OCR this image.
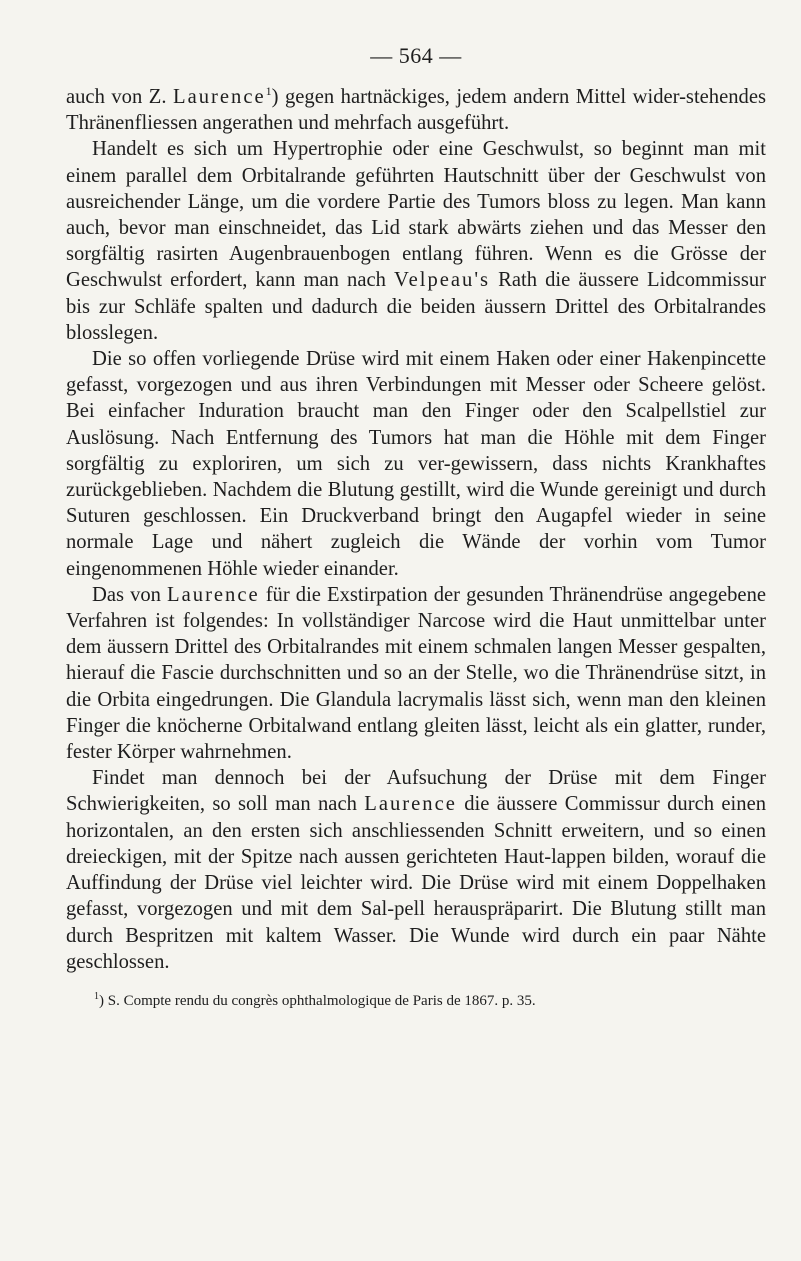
— 564 —

auch von Z. Laurence$^1$) gegen hartnäckiges, jedem andern Mittel wider-stehendes Thränenfliessen angerathen und mehrfach ausgeführt.

Handelt es sich um Hypertrophie oder eine Geschwulst, so beginnt man mit einem parallel dem Orbitalrande geführten Hautschnitt über der Geschwulst von ausreichender Länge, um die vordere Partie des Tumors bloss zu legen. Man kann auch, bevor man einschneidet, das Lid stark abwärts ziehen und das Messer den sorgfältig rasirten Augenbrauenbogen entlang führen. Wenn es die Grösse der Geschwulst erfordert, kann man nach Velpeau's Rath die äussere Lidcommissur bis zur Schläfe spalten und dadurch die beiden äussern Drittel des Orbitalrandes blosslegen.

Die so offen vorliegende Drüse wird mit einem Haken oder einer Hakenpincette gefasst, vorgezogen und aus ihren Verbindungen mit Messer oder Scheere gelöst. Bei einfacher Induration braucht man den Finger oder den Scalpellstiel zur Auslösung. Nach Entfernung des Tumors hat man die Höhle mit dem Finger sorgfältig zu exploriren, um sich zu ver-gewissern, dass nichts Krankhaftes zurückgeblieben. Nachdem die Blutung gestillt, wird die Wunde gereinigt und durch Suturen geschlossen. Ein Druckverband bringt den Augapfel wieder in seine normale Lage und nähert zugleich die Wände der vorhin vom Tumor eingenommenen Höhle wieder einander.

Das von Laurence für die Exstirpation der gesunden Thränendrüse angegebene Verfahren ist folgendes: In vollständiger Narcose wird die Haut unmittelbar unter dem äussern Drittel des Orbitalrandes mit einem schmalen langen Messer gespalten, hierauf die Fascie durchschnitten und so an der Stelle, wo die Thränendrüse sitzt, in die Orbita eingedrungen. Die Glandula lacrymalis lässt sich, wenn man den kleinen Finger die knöcherne Orbitalwand entlang gleiten lässt, leicht als ein glatter, runder, fester Körper wahrnehmen.

Findet man dennoch bei der Aufsuchung der Drüse mit dem Finger Schwierigkeiten, so soll man nach Laurence die äussere Commissur durch einen horizontalen, an den ersten sich anschliessenden Schnitt erweitern, und so einen dreieckigen, mit der Spitze nach aussen gerichteten Haut-lappen bilden, worauf die Auffindung der Drüse viel leichter wird. Die Drüse wird mit einem Doppelhaken gefasst, vorgezogen und mit dem Sal-pell herauspräparirt. Die Blutung stillt man durch Bespritzen mit kaltem Wasser. Die Wunde wird durch ein paar Nähte geschlossen.

$^1$) S. Compte rendu du congrès ophthalmologique de Paris de 1867. p. 35.
